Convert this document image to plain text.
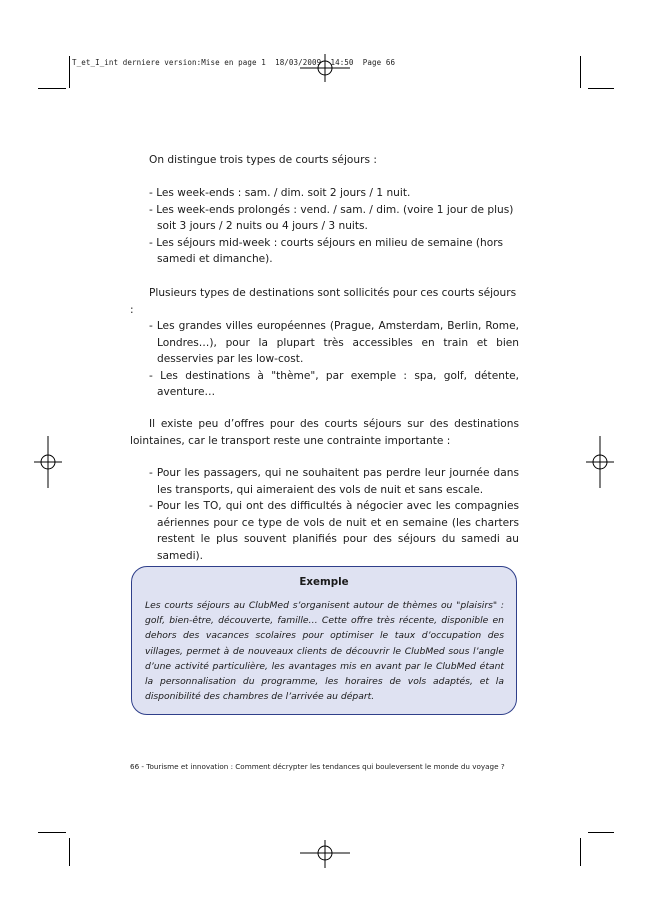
T_et_I_int derniere version:Mise en page 1  18/03/2009  14:50  Page 66

On distingue trois types de courts séjours :

- Les week-ends : sam. / dim. soit 2 jours / 1 nuit.
- Les week-ends prolongés : vend. / sam. / dim. (voire 1 jour de plus) soit 3 jours / 2 nuits ou 4 jours / 3 nuits.
- Les séjours mid-week : courts séjours en milieu de semaine (hors samedi et dimanche).

Plusieurs types de destinations sont sollicités pour ces courts séjours :

- Les grandes villes européennes (Prague, Amsterdam, Berlin, Rome, Londres…), pour la plupart très accessibles en train et bien desservies par les low-cost.
- Les destinations à "thème", par exemple : spa, golf, détente, aventure…

Il existe peu d’offres pour des courts séjours sur des destinations lointaines, car le transport reste une contrainte importante :

- Pour les passagers, qui ne souhaitent pas perdre leur journée dans les transports, qui aimeraient des vols de nuit et sans escale.
- Pour les TO, qui ont des difficultés à négocier avec les compagnies aériennes pour ce type de vols de nuit et en semaine (les charters restent le plus souvent planifiés pour des séjours du samedi au samedi).
Exemple
Les courts séjours au ClubMed s’organisent autour de thèmes ou "plaisirs" : golf, bien-être, découverte, famille… Cette offre très récente, disponible en dehors des vacances scolaires pour optimiser le taux d’occupation des villages, permet à de nouveaux clients de découvrir le ClubMed sous l’angle d’une activité particulière, les avantages mis en avant par le ClubMed étant la personnalisation du programme, les horaires de vols adaptés, et la disponibilité des chambres de l’arrivée au départ.
66 - Tourisme et innovation : Comment décrypter les tendances qui bouleversent le monde du voyage ?
